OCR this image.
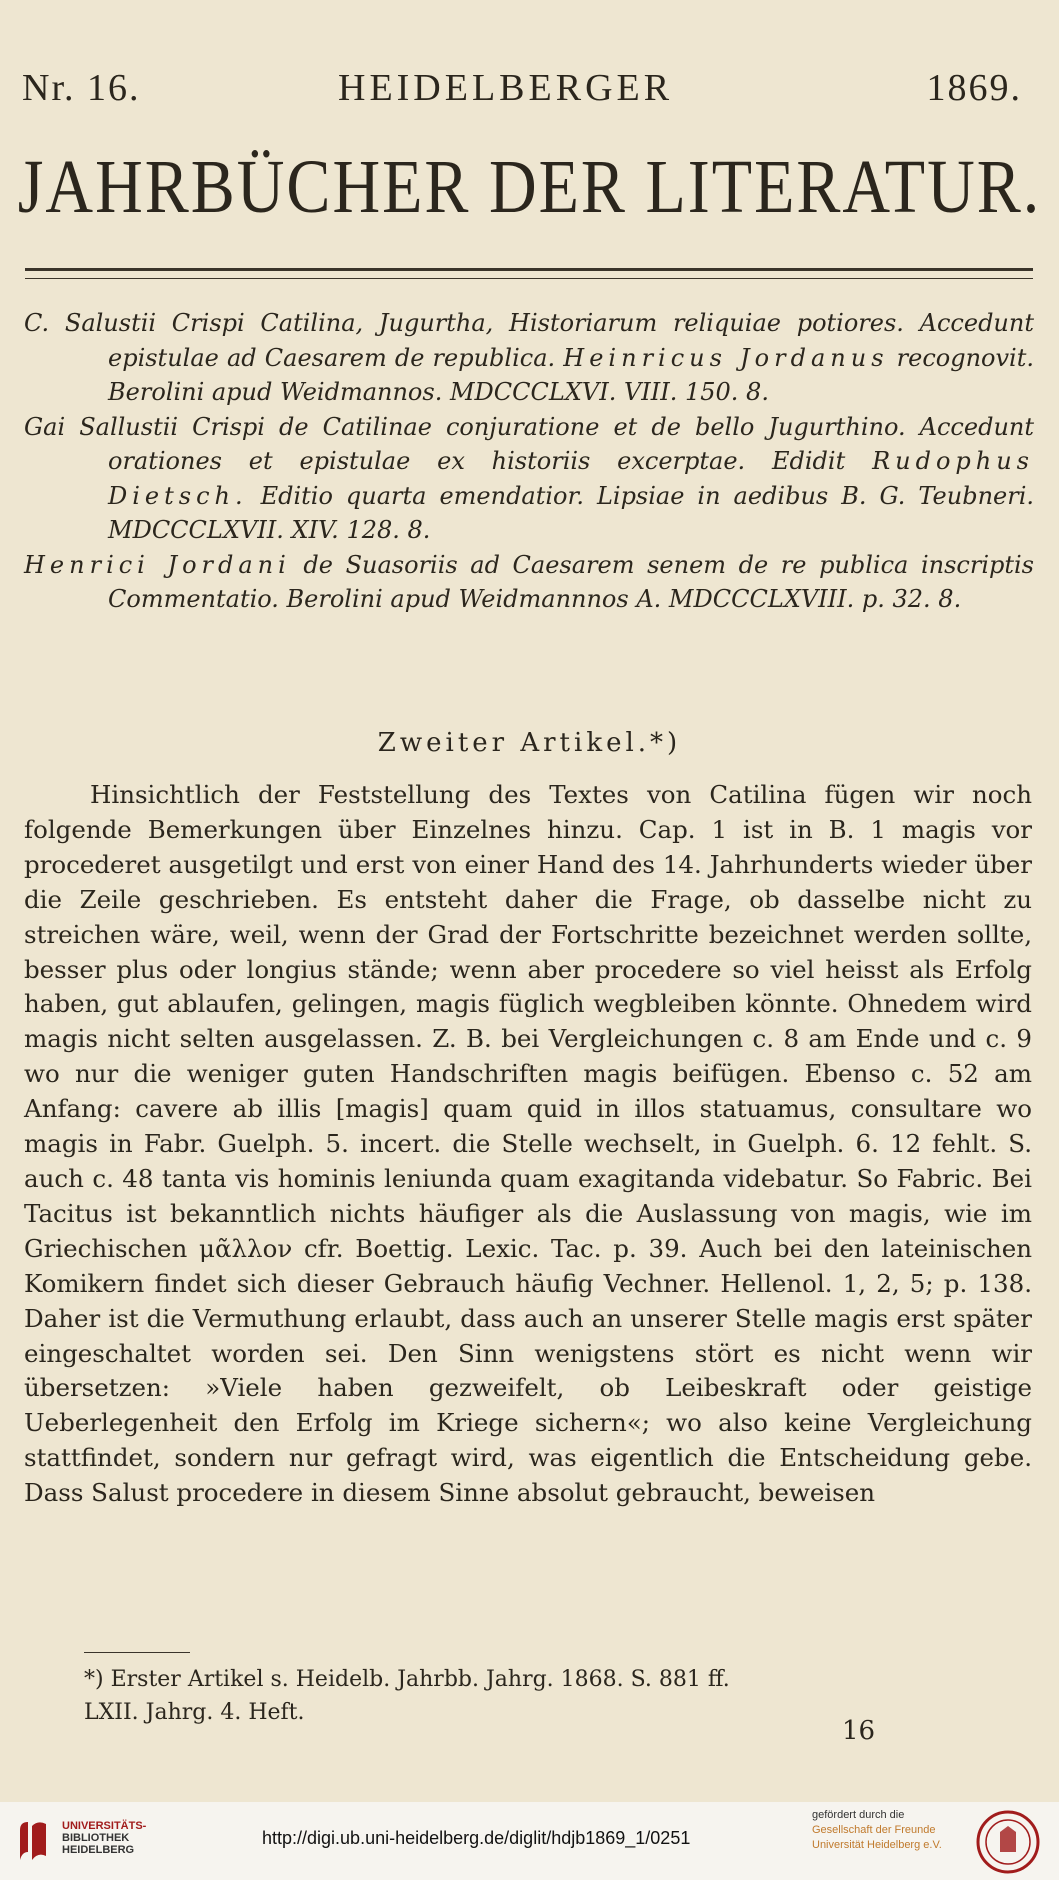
Nr. 16.	HEIDELBERGER	1869.
JAHRBÜCHER DER LITERATUR.

C. Salustii Crispi Catilina, Jugurtha, Historiarum reliquiae potiores. Accedunt epistulae ad Caesarem de republica. Heinricus Jordanus recognovit. Berolini apud Weidmannos. MDCCCLXVI. VIII. 150. 8.

Gai Sallustii Crispi de Catilinae conjuratione et de bello Jugurthino. Accedunt orationes et epistulae ex historiis excerptae. Edidit Rudophus Dietsch. Editio quarta emendatior. Lipsiae in aedibus B. G. Teubneri. MDCCCLXVII. XIV. 128. 8.

Henrici Jordani de Suasoriis ad Caesarem senem de re publica inscriptis Commentatio. Berolini apud Weidmannnos A. MDCCCLXVIII. p. 32. 8.

Zweiter Artikel.*)

Hinsichtlich der Feststellung des Textes von Catilina fügen wir noch folgende Bemerkungen über Einzelnes hinzu. Cap. 1 ist in B. 1 magis vor procederet ausgetilgt und erst von einer Hand des 14. Jahrhunderts wieder über die Zeile geschrieben. Es entsteht daher die Frage, ob dasselbe nicht zu streichen wäre, weil, wenn der Grad der Fortschritte bezeichnet werden sollte, besser plus oder longius stände; wenn aber procedere so viel heisst als Erfolg haben, gut ablaufen, gelingen, magis füglich wegbleiben könnte. Ohnedem wird magis nicht selten ausgelassen. Z. B. bei Vergleichungen c. 8 am Ende und c. 9 wo nur die weniger guten Handschriften magis beifügen. Ebenso c. 52 am Anfang: cavere ab illis [magis] quam quid in illos statuamus, consultare wo magis in Fabr. Guelph. 5. incert. die Stelle wechselt, in Guelph. 6. 12 fehlt. S. auch c. 48 tanta vis hominis leniunda quam exagitanda videbatur. So Fabric. Bei Tacitus ist bekanntlich nichts häufiger als die Auslassung von magis, wie im Griechischen μᾶλλον cfr. Boettig. Lexic. Tac. p. 39. Auch bei den lateinischen Komikern findet sich dieser Gebrauch häufig Vechner. Hellenol. 1, 2, 5; p. 138. Daher ist die Vermuthung erlaubt, dass auch an unserer Stelle magis erst später eingeschaltet worden sei. Den Sinn wenigstens stört es nicht wenn wir übersetzen: »Viele haben gezweifelt, ob Leibeskraft oder geistige Ueberlegenheit den Erfolg im Kriege sichern«; wo also keine Vergleichung stattfindet, sondern nur gefragt wird, was eigentlich die Entscheidung gebe. Dass Salust procedere in diesem Sinne absolut gebraucht, beweisen

*) Erster Artikel s. Heidelb. Jahrbb. Jahrg. 1868. S. 881 ff.
LXII. Jahrg. 4. Heft.
16
UNIVERSITÄTS-
BIBLIOTHEK
HEIDELBERG
http://digi.ub.uni-heidelberg.de/diglit/hdjb1869_1/0251
gefördert durch die
Gesellschaft der Freunde
Universität Heidelberg e.V.
